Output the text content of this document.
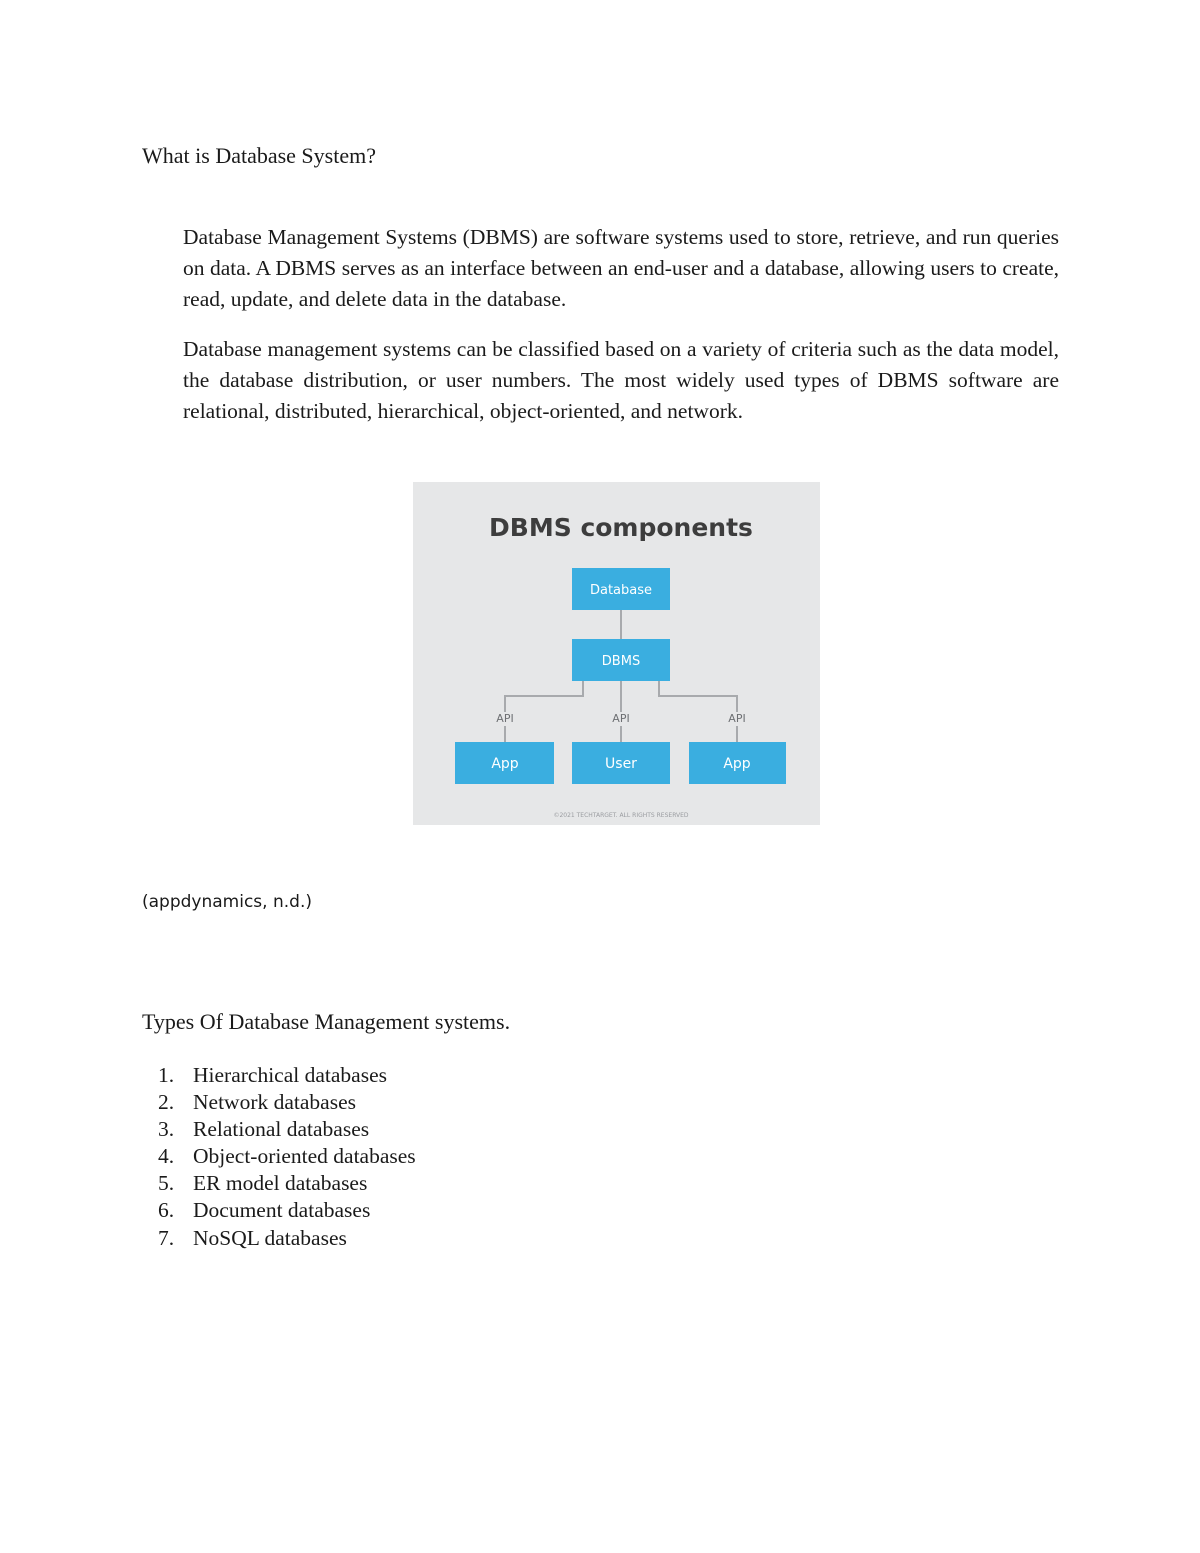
What is Database System?

Database Management Systems (DBMS) are software systems used to store, retrieve, and run queries on data. A DBMS serves as an interface between an end-user and a database, allowing users to create, read, update, and delete data in the database.

Database management systems can be classified based on a variety of criteria such as the data model, the database distribution, or user numbers. The most widely used types of DBMS software are relational, distributed, hierarchical, object-oriented, and network.

DBMS components
Database
DBMS
API	API	API
App	User	App
©2021 TECHTARGET. ALL RIGHTS RESERVED
(appdynamics, n.d.)
Types Of Database Management systems.
1. Hierarchical databases
2. Network databases
3. Relational databases
4. Object-oriented databases
5. ER model databases
6. Document databases
7. NoSQL databases
